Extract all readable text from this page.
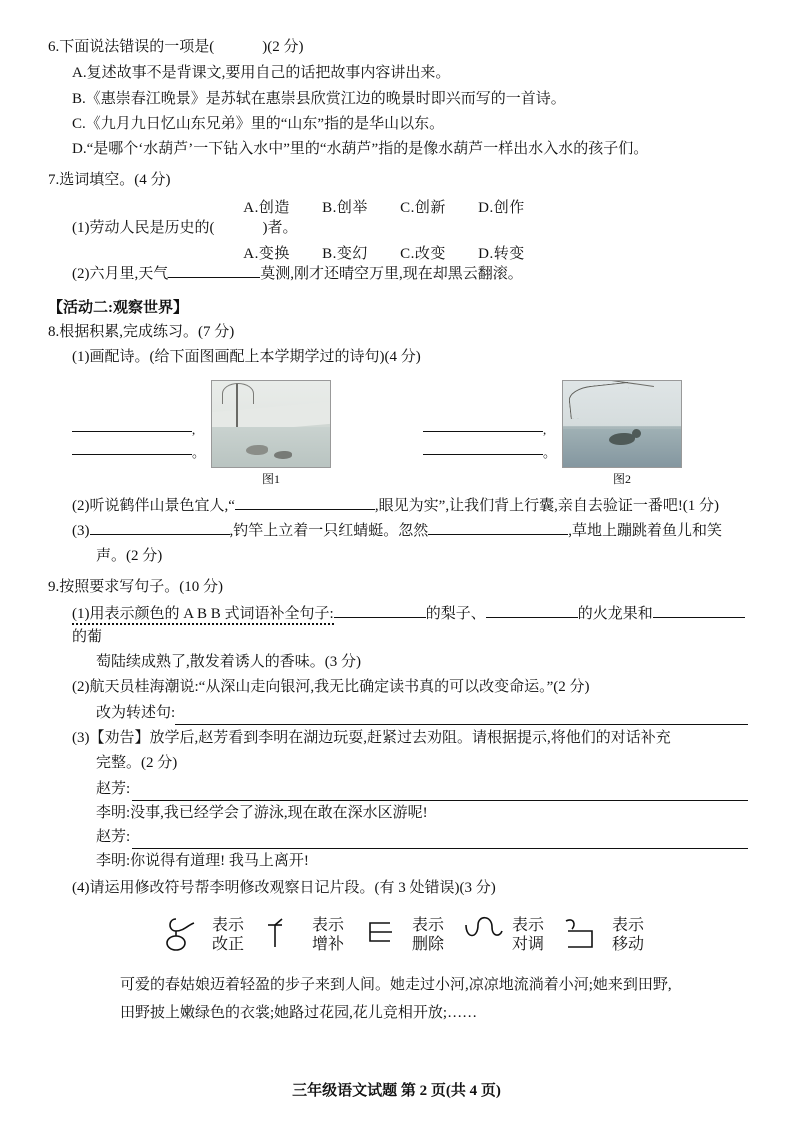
6.下面说法错误的一项是(	)(2 分)
A.复述故事不是背课文,要用自己的话把故事内容讲出来。
B.《惠崇春江晚景》是苏轼在惠崇县欣赏江边的晚景时即兴而写的一首诗。
C.《九月九日忆山东兄弟》里的“山东”指的是华山以东。
D.“是哪个‘水葫芦’一下钻入水中”里的“水葫芦”指的是像水葫芦一样出水入水的孩子们。
7.选词填空。(4 分)
A.创造 B.创举 C.创新 D.创作
(1)劳动人民是历史的(	)者。
A.变换 B.变幻 C.改变 D.转变
(2)六月里,天气	莫测,刚才还晴空万里,现在却黑云翻滚。
【活动二:观察世界】
8.根据积累,完成练习。(7 分)
(1)画配诗。(给下面图画配上本学期学过的诗句)(4 分)
,
。
图1
,
。
图2
(2)听说鹤伴山景色宜人,“	,眼见为实”,让我们背上行囊,亲自去验证一番吧!(1 分)
(3)	,钓竿上立着一只红蜻蜓。忽然	,草地上蹦跳着鱼儿和笑
声。(2 分)
9.按照要求写句子。(10 分)
(1)用表示颜色的 A B B 式词语补全句子:	的梨子、	的火龙果和的葡
萄陆续成熟了,散发着诱人的香味。(3 分)
(2)航天员桂海潮说:“从深山走向银河,我无比确定读书真的可以改变命运。”(2 分)
改为转述句:
(3)【劝告】放学后,赵芳看到李明在湖边玩耍,赶紧过去劝阻。请根据提示,将他们的对话补充
完整。(2 分)
赵芳:
李明:没事,我已经学会了游泳,现在敢在深水区游呢!
赵芳:
李明:你说得有道理! 我马上离开!
(4)请运用修改符号帮李明修改观察日记片段。(有 3 处错误)(3 分)
表示
改正
表示
增补
表示
删除
表示
对调
表示
移动
可爱的春姑娘迈着轻盈的步子来到人间。她走过小河,凉凉地流淌着小河;她来到田野,
田野披上嫩绿色的衣裳;她路过花园,花儿竞相开放;……
三年级语文试题 第 2 页(共 4 页)
